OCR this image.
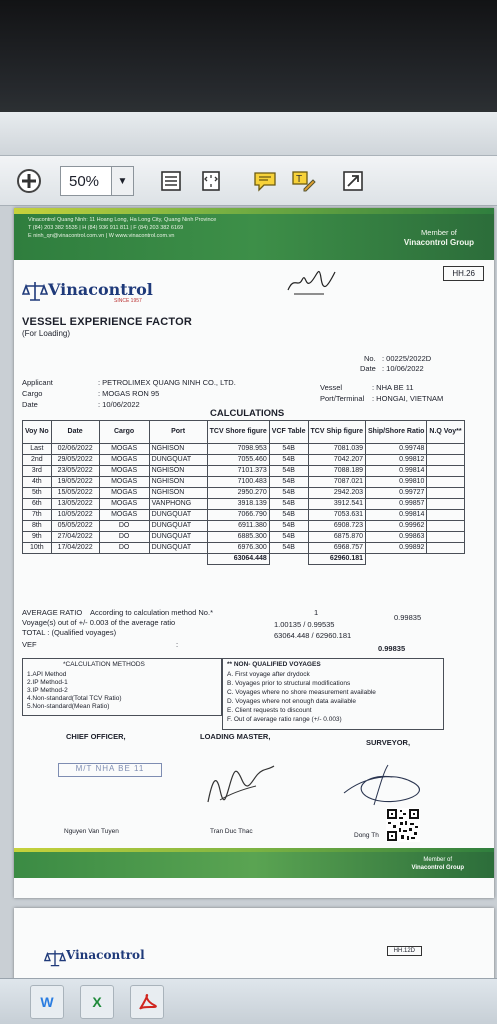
50%	▼	T
Vinacontrol Quang Ninh: 11 Hoang Long, Ha Long City, Quang Ninh Province
T (84) 203 382 5535 | H (84) 936 911 811 | F (84) 203 382 6169
E ninh_qn@vinacontrol.com.vn | W www.vinacontrol.com.vn	Member of
Vinacontrol Group
HH.26
Vinacontrol
SINCE 1957
VESSEL EXPERIENCE FACTOR
(For Loading)
No. : 00225/2022D
Date : 10/06/2022
Applicant	: PETROLIMEX QUANG NINH CO., LTD.
Cargo	: MOGAS RON 95
Date	: 10/06/2022
Vessel	: NHA BE 11
Port/Terminal : HONGAI, VIETNAM
CALCULATIONS
Voy No	Date	Cargo	Port	TCV Shore figure	VCF Table	TCV Ship figure	Ship/Shore Ratio	N.Q Voy**
Last	02/06/2022	MOGAS	NGHISON	7098.953	54B	7081.039	0.99748	
2nd	29/05/2022	MOGAS	DUNGQUAT	7055.460	54B	7042.207	0.99812	
3rd	23/05/2022	MOGAS	NGHISON	7101.373	54B	7088.189	0.99814	
4th	19/05/2022	MOGAS	NGHISON	7100.483	54B	7087.021	0.99810	
5th	15/05/2022	MOGAS	NGHISON	2950.270	54B	2942.203	0.99727	
6th	13/05/2022	MOGAS	VANPHONG	3918.139	54B	3912.541	0.99857	
7th	10/05/2022	MOGAS	DUNGQUAT	7066.790	54B	7053.631	0.99814	
8th	05/05/2022	DO	DUNGQUAT	6911.380	54B	6908.723	0.99962	
9th	27/04/2022	DO	DUNGQUAT	6885.300	54B	6875.870	0.99863	
10th	17/04/2022	DO	DUNGQUAT	6976.300	54B	6968.757	0.99892	
				63064.448		62960.181		
AVERAGE RATIO According to calculation method No.*	1
0.99835
Voyage(s) out of +/- 0.003 of the average ratio	1.00135 / 0.99535
TOTAL : (Qualified voyages)	63064.448 / 62960.181
VEF	:	0.99835
*CALCULATION METHODS
1.API Method
2.IP Method-1
3.IP Method-2
4.Non-standard(Total TCV Ratio)
5.Non-standard(Mean Ratio)
** NON- QUALIFIED VOYAGES
A. First voyage after drydock
B. Voyages prior to structural modifications
C. Voyages where no shore measurement available
D. Voyages where not enough data available
E. Client requests to discount
F. Out of average ratio range (+/- 0.003)
CHIEF OFFICER,	LOADING MASTER,
SURVEYOR,
M/T NHA BE 11
Nguyen Van Tuyen	Tran Duc Thac
Dong Th
Member of
Vinacontrol Group
Vinacontrol	HH.12D
W	X
